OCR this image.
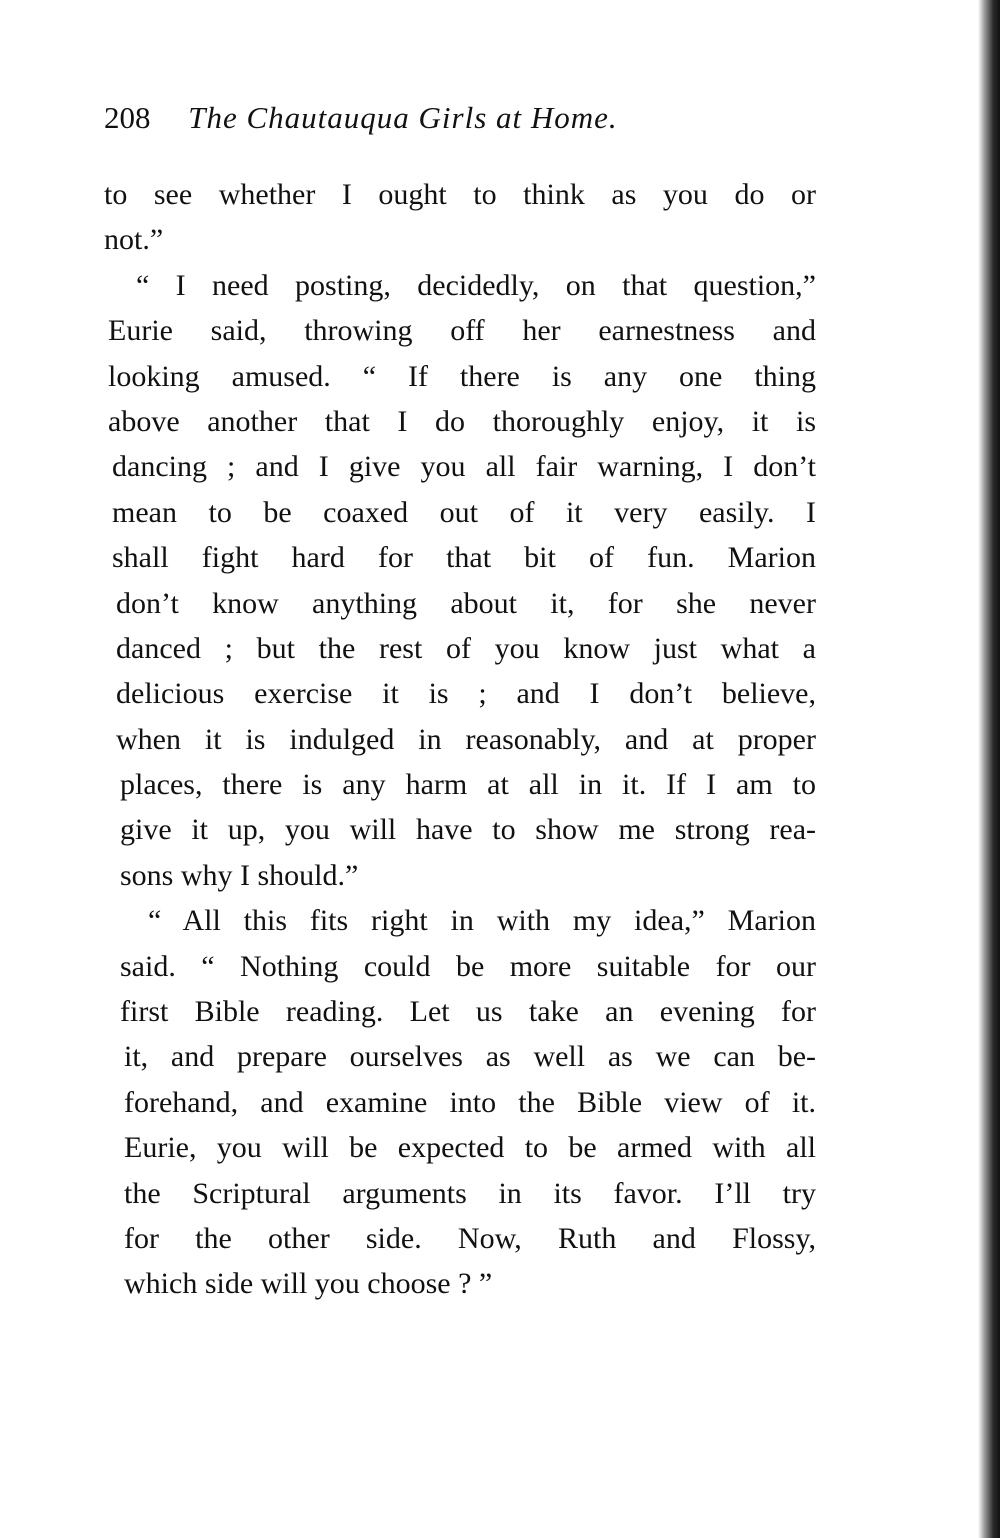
208 The Chautauqua Girls at Home.
to see whether I ought to think as you do or
not.”
“ I need posting, decidedly, on that question,”
Eurie said, throwing off her earnestness and
looking amused. “ If there is any one thing
above another that I do thoroughly enjoy, it is
dancing ; and I give you all fair warning, I don’t
mean to be coaxed out of it very easily. I
shall fight hard for that bit of fun. Marion
don’t know anything about it, for she never
danced ; but the rest of you know just what a
delicious exercise it is ; and I don’t believe,
when it is indulged in reasonably, and at proper
places, there is any harm at all in it. If I am to
give it up, you will have to show me strong rea-
sons why I should.”
“ All this fits right in with my idea,” Marion
said. “ Nothing could be more suitable for our
first Bible reading. Let us take an evening for
it, and prepare ourselves as well as we can be-
forehand, and examine into the Bible view of it.
Eurie, you will be expected to be armed with all
the Scriptural arguments in its favor. I’ll try
for the other side. Now, Ruth and Flossy,
which side will you choose ? ”
